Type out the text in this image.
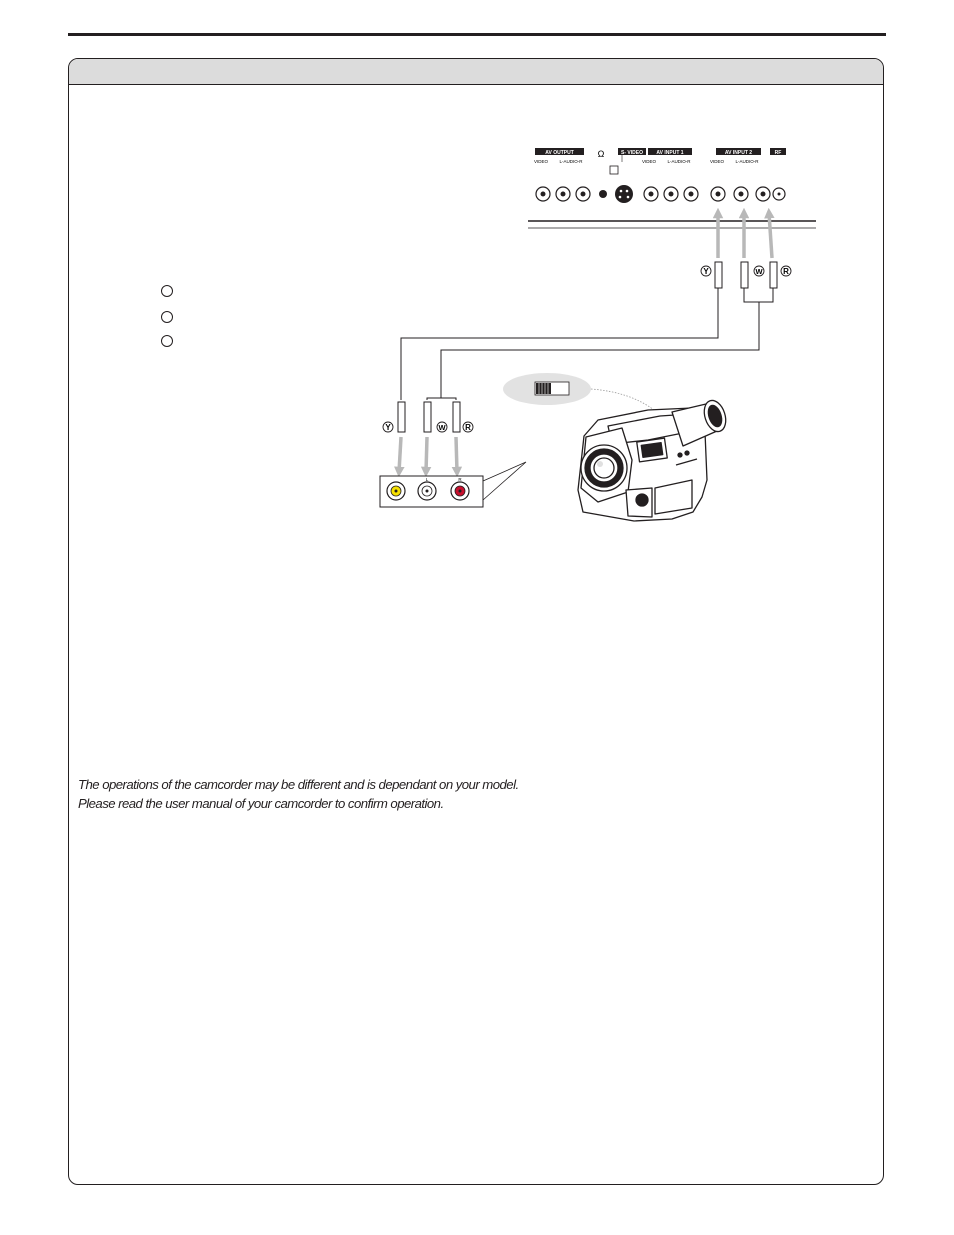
AV OUTPUT
VIDEO	L-AUDIO-R
Ω	S- VIDEO	AV INPUT 1
VIDEO	L-AUDIO-R
AV INPUT 2
VIDEO	L-AUDIO-R
RF
Y	W	R
Y	W R
L	R
The operations of the camcorder may be different and is dependant on your model.
Please read the user manual of your camcorder to confirm operation.
